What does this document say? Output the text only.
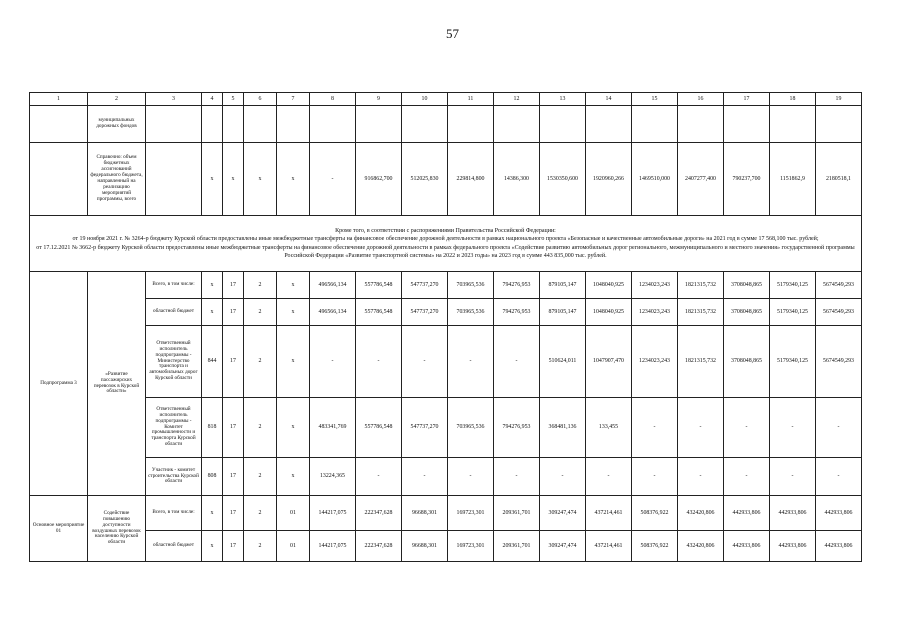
57
1	2	3	4	5	6	7	8	9	10	11	12	13	14	15	16	17	18	19
	муниципальных дорожных фондов																	
	Справочно: объем бюджетных ассигнований федерального бюджета, направленный на реализацию мероприятий программы, всего		х	х	х	х	-	916862,700	512025,830	229814,800	14386,300	1530350,600	1920960,266	1469510,000	2407277,400	790237,700	1151862,9	2180518,1

Кроме того, в соответствии с распоряжениями Правительства Российской Федерации:
от 19 ноября 2021 г. № 3264-р бюджету Курской области предоставлены иные межбюджетные трансферты на финансовое обеспечение дорожной деятельности в рамках национального проекта «Безопасные и качественные автомобильные дороги» на 2021 год в сумме 17 568,100 тыс. рублей;
от 17.12.2021 № 3662-р бюджету Курской области предоставлены иные межбюджетные трансферты на финансовое обеспечение дорожной деятельности в рамках федерального проекта «Содействие развитию автомобильных дорог регионального, межмуниципального и местного значения» государственной программы Российской Федерации «Развитие транспортной системы» на 2022 и 2023 годы» на 2023 год в сумме 443 835,000 тыс. рублей.																		

Подпрограмма 3	«Развитие пассажирских перевозок в Курской области»	Всего, в том числе:	х	17	2	х	496566,134	557786,548	547737,270	703965,536	794276,953	879105,147	1048040,925	1234023,243	1821315,732	3708048,865	5179340,125	5674549,293
		областной бюджет	х	17	2	х	496566,134	557786,548	547737,270	703965,536	794276,953	879105,147	1048040,925	1234023,243	1821315,732	3708048,865	5179340,125	5674549,293
		Ответственный исполнитель подпрограммы - Министерство транспорта и автомобильных дорог Курской области	844	17	2	х	-	-	-	-	-	510624,011	1047907,470	1234023,243	1821315,732	3708048,865	5179340,125	5674549,293
		Ответственный исполнитель подпрограммы - Комитет промышленности и транспорта Курской области	818	17	2	х	483341,769	557786,548	547737,270	703965,536	794276,953	368481,136	133,455	-	-	-	-	-
		Участник - комитет строительства Курской области	808	17	2	х	13224,365	-	-	-	-	-	-	-	-	-	-	-
Основное мероприятие 01	Содействие повышению доступности воздушных перевозок населению Курской области	Всего, в том числе:	х	17	2	01	144217,075	222347,628	96688,301	169723,301	209361,701	309247,474	437214,461	508376,922	432420,806	442933,806	442933,806	442933,806
		областной бюджет	х	17	2	01	144217,075	222347,628	96688,301	169723,301	209361,701	309247,474	437214,461	508376,922	432420,806	442933,806	442933,806	442933,806
